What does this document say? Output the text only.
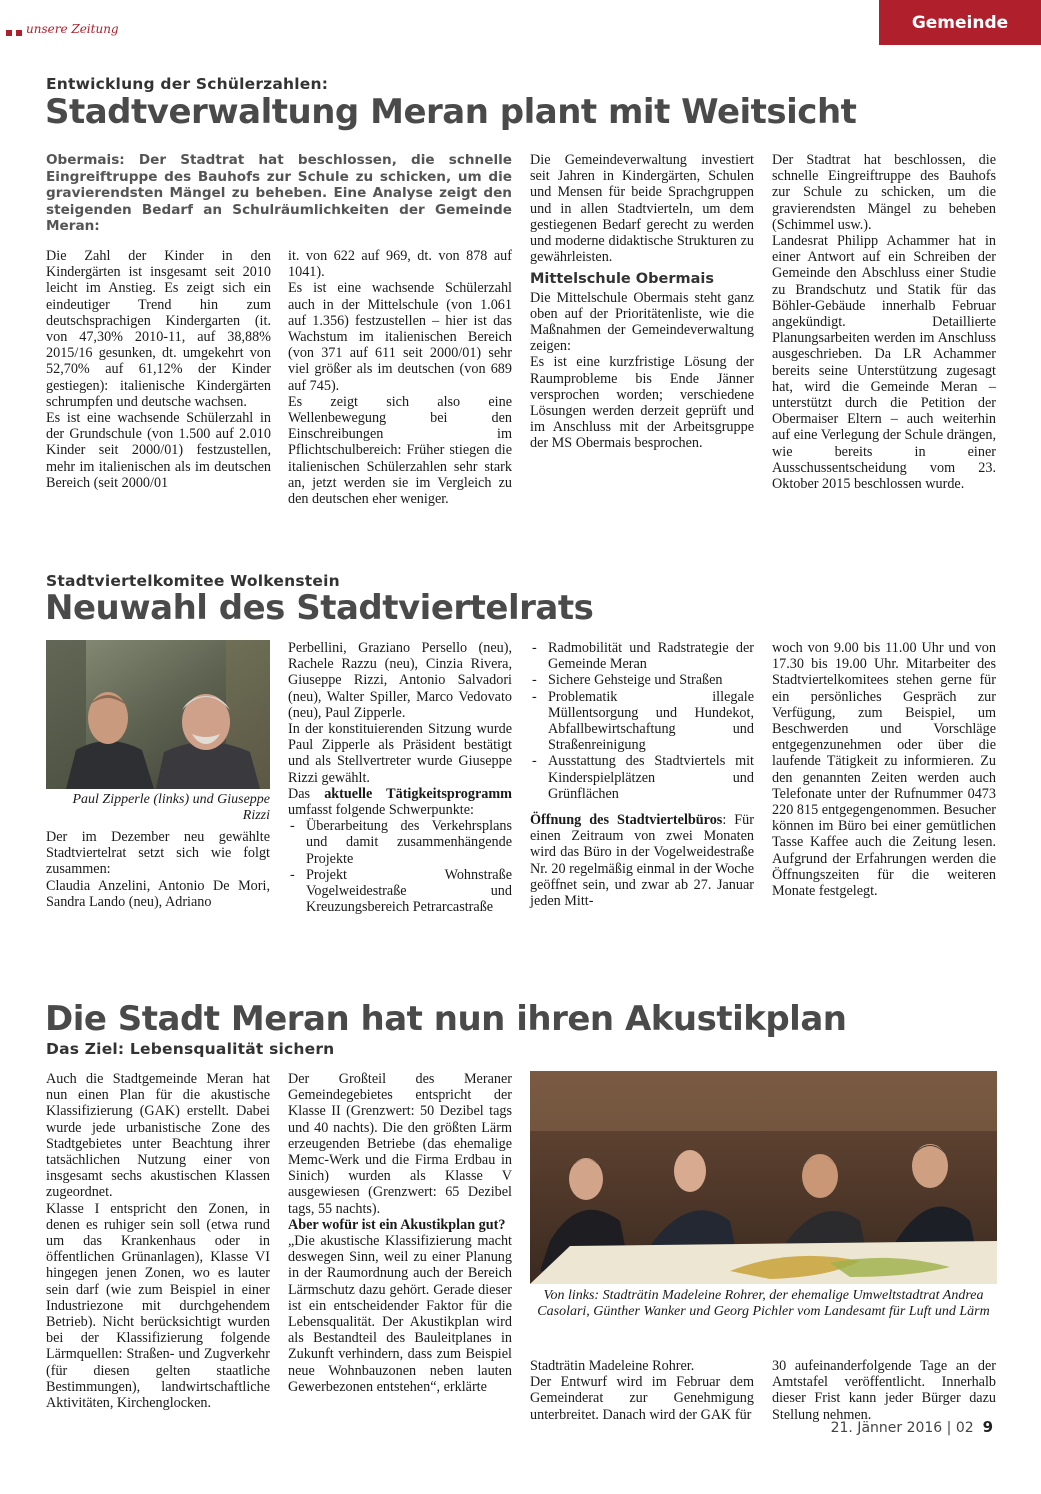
unsere Zeitung	Gemeinde
Entwicklung der Schülerzahlen:
Stadtverwaltung Meran plant mit Weitsicht
Obermais: Der Stadtrat hat beschlossen, die schnelle Eingreiftruppe des Bauhofs zur Schule zu schicken, um die gravierendsten Mängel zu beheben. Eine Analyse zeigt den steigenden Bedarf an Schulräumlichkeiten der Gemeinde Meran:

Die Zahl der Kinder in den Kindergärten ist insgesamt seit 2010 leicht im Anstieg. Es zeigt sich ein eindeutiger Trend hin zum deutschsprachigen Kindergarten (it. von 47,30% 2010-11, auf 38,88% 2015/16 gesunken, dt. umgekehrt von 52,70% auf 61,12% der Kinder gestiegen): italienische Kindergärten schrumpfen und deutsche wachsen.

Es ist eine wachsende Schülerzahl in der Grundschule (von 1.500 auf 2.010 Kinder seit 2000/01) festzustellen, mehr im italienischen als im deutschen Bereich (seit 2000/01

it. von 622 auf 969, dt. von 878 auf 1041).

Es ist eine wachsende Schülerzahl auch in der Mittelschule (von 1.061 auf 1.356) festzustellen – hier ist das Wachstum im italienischen Bereich (von 371 auf 611 seit 2000/01) sehr viel größer als im deutschen (von 689 auf 745).

Es zeigt sich also eine Wellenbewegung bei den Einschreibungen im Pflichtschulbereich: Früher stiegen die italienischen Schülerzahlen sehr stark an, jetzt werden sie im Vergleich zu den deutschen eher weniger.

Die Gemeindeverwaltung investiert seit Jahren in Kindergärten, Schulen und Mensen für beide Sprachgruppen und in allen Stadtvierteln, um dem gestiegenen Bedarf gerecht zu werden und moderne didaktische Strukturen zu gewährleisten.

Mittelschule Obermais

Die Mittelschule Obermais steht ganz oben auf der Prioritätenliste, wie die Maßnahmen der Gemeindeverwaltung zeigen:

Es ist eine kurzfristige Lösung der Raumprobleme bis Ende Jänner versprochen worden; verschiedene Lösungen werden derzeit geprüft und im Anschluss mit der Arbeitsgruppe der MS Obermais besprochen.

Der Stadtrat hat beschlossen, die schnelle Eingreiftruppe des Bauhofs zur Schule zu schicken, um die gravierendsten Mängel zu beheben (Schimmel usw.).

Landesrat Philipp Achammer hat in einer Antwort auf ein Schreiben der Gemeinde den Abschluss einer Studie zu Brandschutz und Statik für das Böhler-Gebäude innerhalb Februar angekündigt. Detaillierte Planungsarbeiten werden im Anschluss ausgeschrieben. Da LR Achammer bereits seine Unterstützung zugesagt hat, wird die Gemeinde Meran – unterstützt durch die Petition der Obermaiser Eltern – auch weiterhin auf eine Verlegung der Schule drängen, wie bereits in einer Ausschussentscheidung vom 23. Oktober 2015 beschlossen wurde.

Stadtviertelkomitee Wolkenstein
Neuwahl des Stadtviertelrats
Paul Zipperle (links) und Giuseppe Rizzi

Der im Dezember neu gewählte Stadtviertelrat setzt sich wie folgt zusammen:

Claudia Anzelini, Antonio De Mori, Sandra Lando (neu), Adriano

Perbellini, Graziano Persello (neu), Rachele Razzu (neu), Cinzia Rivera, Giuseppe Rizzi, Antonio Salvadori (neu), Walter Spiller, Marco Vedovato (neu), Paul Zipperle.

In der konstituierenden Sitzung wurde Paul Zipperle als Präsident bestätigt und als Stellvertreter wurde Giuseppe Rizzi gewählt.

Das aktuelle Tätigkeitsprogramm umfasst folgende Schwerpunkte:

- Überarbeitung des Verkehrsplans und damit zusammenhängende Projekte
- Projekt Wohnstraße Vogelweidestraße und Kreuzungsbereich Petrarcastraße
- Radmobilität und Radstrategie der Gemeinde Meran
- Sichere Gehsteige und Straßen
- Problematik illegale Müllentsorgung und Hundekot, Abfallbewirtschaftung und Straßenreinigung
- Ausstattung des Stadtviertels mit Kinderspielplätzen und Grünflächen

Öffnung des Stadtviertelbüros: Für einen Zeitraum von zwei Monaten wird das Büro in der Vogelweidestraße Nr. 20 regelmäßig einmal in der Woche geöffnet sein, und zwar ab 27. Januar jeden Mitt-

woch von 9.00 bis 11.00 Uhr und von 17.30 bis 19.00 Uhr. Mitarbeiter des Stadtviertelkomitees stehen gerne für ein persönliches Gespräch zur Verfügung, zum Beispiel, um Beschwerden und Vorschläge entgegenzunehmen oder über die laufende Tätigkeit zu informieren. Zu den genannten Zeiten werden auch Telefonate unter der Rufnummer 0473 220 815 entgegengenommen. Besucher können im Büro bei einer gemütlichen Tasse Kaffee auch die Zeitung lesen. Aufgrund der Erfahrungen werden die Öffnungszeiten für die weiteren Monate festgelegt.

Die Stadt Meran hat nun ihren Akustikplan
Das Ziel: Lebensqualität sichern

Auch die Stadtgemeinde Meran hat nun einen Plan für die akustische Klassifizierung (GAK) erstellt. Dabei wurde jede urbanistische Zone des Stadtgebietes unter Beachtung ihrer tatsächlichen Nutzung einer von insgesamt sechs akustischen Klassen zugeordnet.

Klasse I entspricht den Zonen, in denen es ruhiger sein soll (etwa rund um das Krankenhaus oder in öffentlichen Grünanlagen), Klasse VI hingegen jenen Zonen, wo es lauter sein darf (wie zum Beispiel in einer Industriezone mit durchgehendem Betrieb). Nicht berücksichtigt wurden bei der Klassifizierung folgende Lärmquellen: Straßen- und Zugverkehr (für diesen gelten staatliche Bestimmungen), landwirtschaftliche Aktivitäten, Kirchenglocken.

Der Großteil des Meraner Gemeindegebietes entspricht der Klasse II (Grenzwert: 50 Dezibel tags und 40 nachts). Die den größten Lärm erzeugenden Betriebe (das ehemalige Memc-Werk und die Firma Erdbau in Sinich) wurden als Klasse V ausgewiesen (Grenzwert: 65 Dezibel tags, 55 nachts).

Aber wofür ist ein Akustikplan gut?

„Die akustische Klassifizierung macht deswegen Sinn, weil zu einer Planung in der Raumordnung auch der Bereich Lärmschutz dazu gehört. Gerade dieser ist ein entscheidender Faktor für die Lebensqualität. Der Akustikplan wird als Bestandteil des Bauleitplanes in Zukunft verhindern, dass zum Beispiel neue Wohnbauzonen neben lauten Gewerbezonen entstehen“, erklärte

Von links: Stadträtin Madeleine Rohrer, der ehemalige Umweltstadtrat Andrea Casolari, Günther Wanker und Georg Pichler vom Landesamt für Luft und Lärm

Stadträtin Madeleine Rohrer.

Der Entwurf wird im Februar dem Gemeinderat zur Genehmigung unterbreitet. Danach wird der GAK für

30 aufeinanderfolgende Tage an der Amtstafel veröffentlicht. Innerhalb dieser Frist kann jeder Bürger dazu Stellung nehmen.

21. Jänner 2016 | 02 9
